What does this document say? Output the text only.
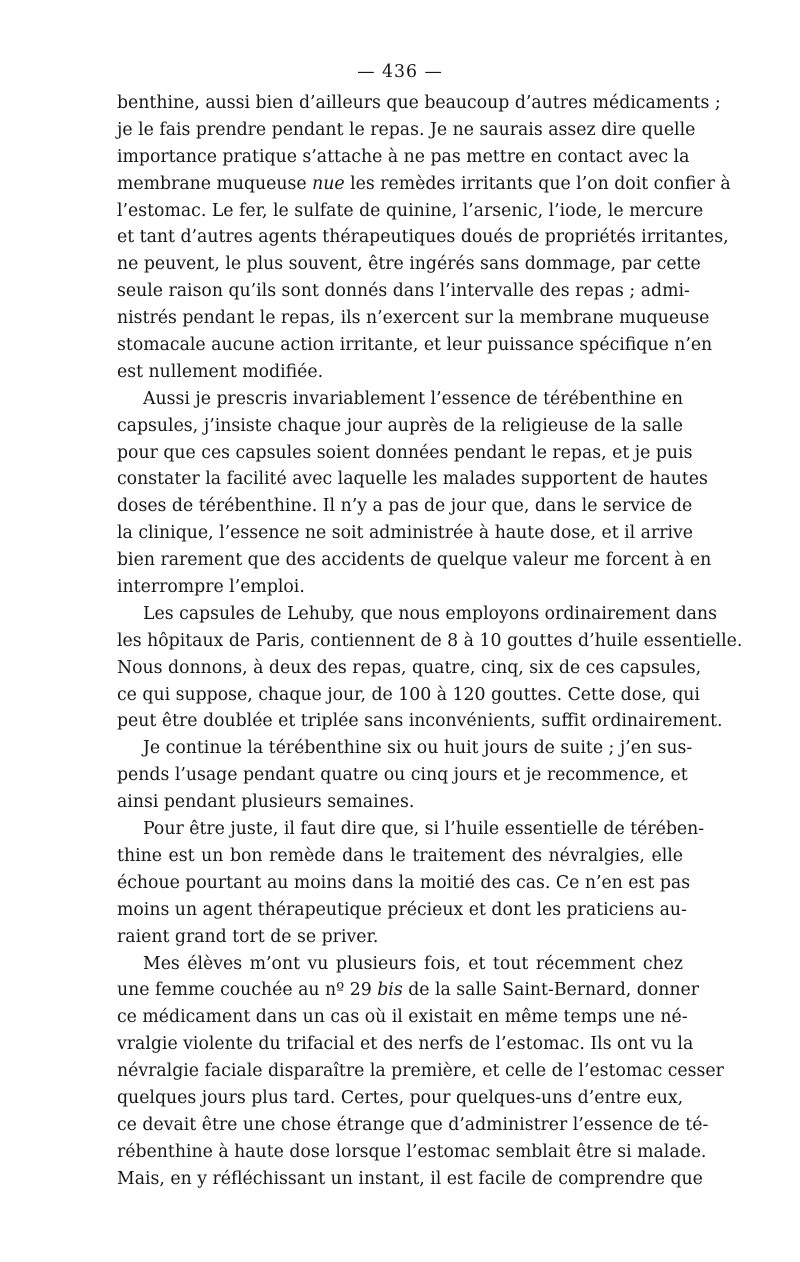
— 436 —
benthine, aussi bien d’ailleurs que beaucoup d’autres médicaments ;
je le fais prendre pendant le repas. Je ne saurais assez dire quelle
importance pratique s’attache à ne pas mettre en contact avec la
membrane muqueuse nue les remèdes irritants que l’on doit confier à
l’estomac. Le fer, le sulfate de quinine, l’arsenic, l’iode, le mercure
et tant d’autres agents thérapeutiques doués de propriétés irritantes,
ne peuvent, le plus souvent, être ingérés sans dommage, par cette
seule raison qu’ils sont donnés dans l’intervalle des repas ; admi-
nistrés pendant le repas, ils n’exercent sur la membrane muqueuse
stomacale aucune action irritante, et leur puissance spécifique n’en
est nullement modifiée.
Aussi je prescris invariablement l’essence de térébenthine en
capsules, j’insiste chaque jour auprès de la religieuse de la salle
pour que ces capsules soient données pendant le repas, et je puis
constater la facilité avec laquelle les malades supportent de hautes
doses de térébenthine. Il n’y a pas de jour que, dans le service de
la clinique, l’essence ne soit administrée à haute dose, et il arrive
bien rarement que des accidents de quelque valeur me forcent à en
interrompre l’emploi.
Les capsules de Lehuby, que nous employons ordinairement dans
les hôpitaux de Paris, contiennent de 8 à 10 gouttes d’huile essentielle.
Nous donnons, à deux des repas, quatre, cinq, six de ces capsules,
ce qui suppose, chaque jour, de 100 à 120 gouttes. Cette dose, qui
peut être doublée et triplée sans inconvénients, suffit ordinairement.
Je continue la térébenthine six ou huit jours de suite ; j’en sus-
pends l’usage pendant quatre ou cinq jours et je recommence, et
ainsi pendant plusieurs semaines.
Pour être juste, il faut dire que, si l’huile essentielle de térében-
thine est un bon remède dans le traitement des névralgies, elle
échoue pourtant au moins dans la moitié des cas. Ce n’en est pas
moins un agent thérapeutique précieux et dont les praticiens au-
raient grand tort de se priver.
Mes élèves m’ont vu plusieurs fois, et tout récemment chez
une femme couchée au nº 29 bis de la salle Saint-Bernard, donner
ce médicament dans un cas où il existait en même temps une né-
vralgie violente du trifacial et des nerfs de l’estomac. Ils ont vu la
névralgie faciale disparaître la première, et celle de l’estomac cesser
quelques jours plus tard. Certes, pour quelques-uns d’entre eux,
ce devait être une chose étrange que d’administrer l’essence de té-
rébenthine à haute dose lorsque l’estomac semblait être si malade.
Mais, en y réfléchissant un instant, il est facile de comprendre que
